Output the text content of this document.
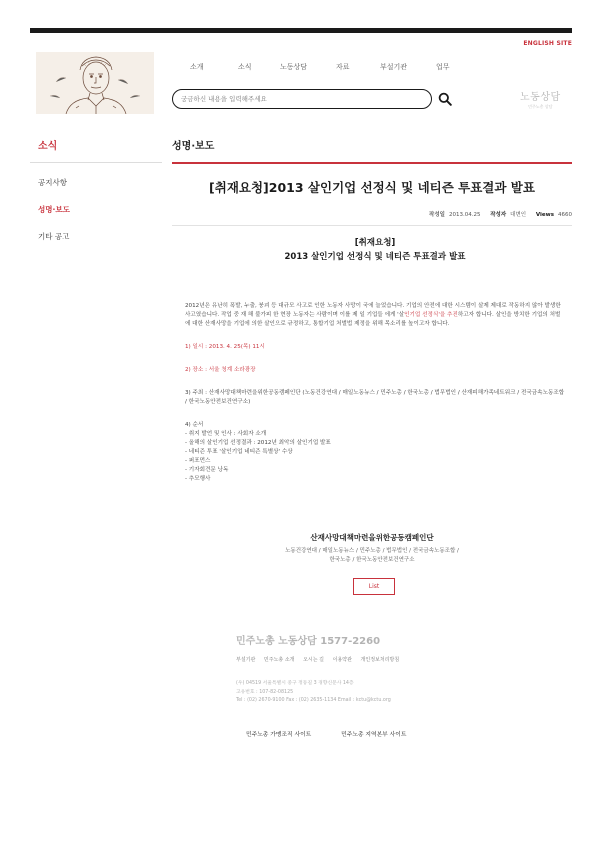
ENGLISH SITE
소개	소식	노동상담	자료	부설기관	업무
궁금하신 내용을 입력해주세요
노동상담
민주노총 상담
소식	성명·보도
공지사항
성명·보도
기타 공고
[취재요청]2013 살인기업 선정식 및 네티즌 투표결과 발표
작성일 2013.04.25 작성자 대변인 Views 4660
[취재요청]
2013 살인기업 선정식 및 네티즌 투표결과 발표
2012년은 유난히 폭발, 누출, 붕괴 등 대규모 사고로 인한 노동자 사망이 국에 늘었습니다. 기업의 안전에 대한 시스템이 살제 제대로 작동하지 않아 발생한 사고였습니다. 작업 중 재 해 불가피 한 현장 노동자는 사람이며 이를 제 일 기업들 에게 '살인기업 선정식'을 추진하고자 합니다. 살인을 방치한 기업의 처벌에 대한 산재사망을 기업에 의한 살인으로 규정하고, 통합기업 처벌법 제정을 위해 목소리를 높이고자 합니다.
1) 일시 : 2013. 4. 25(목) 11시
2) 장소 : 서울 청계 소라광장
3) 주최 : 산재사망대책마련을위한공동캠페인단 (노동건강연대 / 매일노동뉴스 / 민주노총 / 한국노총 / 법무법인 / 산재피해가족네트워크 / 전국금속노동조합 / 한국노동안전보건연구소)
4) 순서
- 취지 발언 및 인사 : 사회자 소개
- 올해의 살인기업 선정결과 : 2012년 최악의 살인기업 발표
- 네티즌 투표 '살인기업 네티즌 특별상' 수상
- 퍼포먼스
- 기자회견문 낭독
- 추모행사
산재사망대책마련을위한공동캠페인단
노동건강연대 / 매일노동뉴스 / 민주노총 / 법무법인 / 전국금속노동조합 /
한국노총 / 한국노동안전보건연구소
List
민주노총 노동상담 1577-2260
부설기관 민주노총 소개 오시는 길 이용약관 개인정보처리방침
(우) 04519 서울특별시 중구 정동길 3 경향신문사 14층
고유번호 : 107-82-08125
Tel : (02) 2670-9100 Fax : (02) 2635-1134 Email : kctu@kctu.org
민주노총 가맹조직 사이트	민주노총 지역본부 사이트
